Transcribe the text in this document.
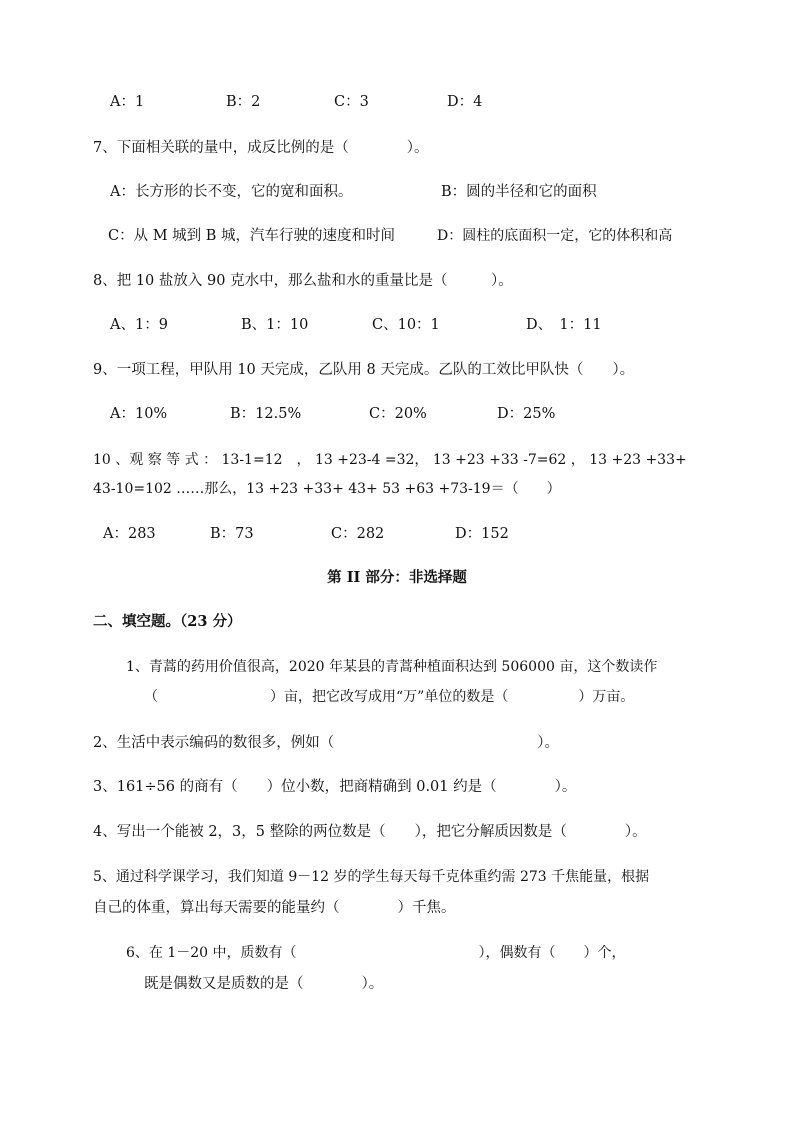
A：1	B：2	C：3	D：4
7、下面相关联的量中，成反比例的是（　　　　）。
A：长方形的长不变，它的宽和面积。	B：圆的半径和它的面积
C：从 M 城到 B 城，汽车行驶的速度和时间	D：圆柱的底面积一定，它的体积和高
8、把 10 盐放入 90 克水中，那么盐和水的重量比是（　　　）。
A、1：9	B、1：10	C、10：1	D、　1：11
9、一项工程，甲队用 10 天完成，乙队用 8 天完成。乙队的工效比甲队快（　　）。
A：10%	B：12.5%	C：20%	D：25%
10 、观 察 等 式 ： 13-1=12　， 13 +23-4 =32， 13 +23 +33 -7=62 ， 13 +23 +33+
43-10=102 ……那么，13 +23 +33+ 43+ 53 +63 +73-19＝（　　）
A：283	B：73	C：282	D：152
第 II 部分：非选择题
二、填空题。（23 分）
1、青蒿的药用价值很高，2020 年某县的青蒿种植面积达到 506000 亩，这个数读作
（　　　　　　　　）亩，把它改写成用“万”单位的数是（　　　　　）万亩。
2、生活中表示编码的数很多，例如（　　　　　　　　　　　　　　）。
3、161÷56 的商有（　　）位小数，把商精确到 0.01 约是（　　　　）。
4、写出一个能被 2，3，5 整除的两位数是（　　），把它分解质因数是（　　　　）。
5、通过科学课学习，我们知道 9－12 岁的学生每天每千克体重约需 273 千焦能量，根据
自己的体重，算出每天需要的能量约（　　　　）千焦。
6、在 1－20 中，质数有（　　　　　　　　　　　　　），偶数有（　　）个，
既是偶数又是质数的是（　　　　）。
